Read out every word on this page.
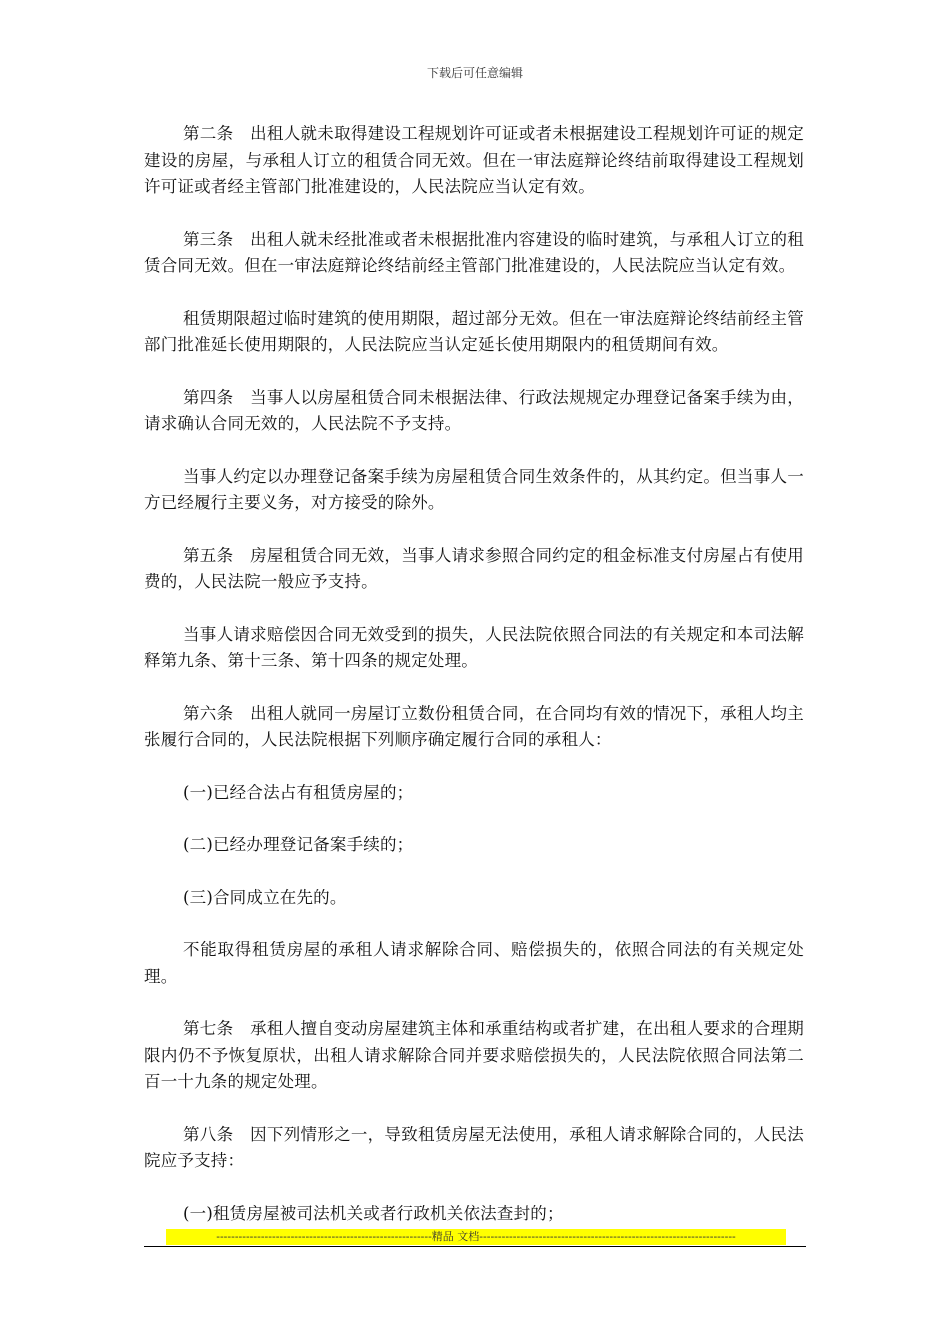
下载后可任意编辑

第二条　出租人就未取得建设工程规划许可证或者未根据建设工程规划许可证的规定建设的房屋，与承租人订立的租赁合同无效。但在一审法庭辩论终结前取得建设工程规划许可证或者经主管部门批准建设的，人民法院应当认定有效。

第三条　出租人就未经批准或者未根据批准内容建设的临时建筑，与承租人订立的租赁合同无效。但在一审法庭辩论终结前经主管部门批准建设的，人民法院应当认定有效。

租赁期限超过临时建筑的使用期限，超过部分无效。但在一审法庭辩论终结前经主管部门批准延长使用期限的，人民法院应当认定延长使用期限内的租赁期间有效。

第四条　当事人以房屋租赁合同未根据法律、行政法规规定办理登记备案手续为由，请求确认合同无效的，人民法院不予支持。

当事人约定以办理登记备案手续为房屋租赁合同生效条件的，从其约定。但当事人一方已经履行主要义务，对方接受的除外。

第五条　房屋租赁合同无效，当事人请求参照合同约定的租金标准支付房屋占有使用费的，人民法院一般应予支持。

当事人请求赔偿因合同无效受到的损失，人民法院依照合同法的有关规定和本司法解释第九条、第十三条、第十四条的规定处理。

第六条　出租人就同一房屋订立数份租赁合同，在合同均有效的情况下，承租人均主张履行合同的，人民法院根据下列顺序确定履行合同的承租人：

(一)已经合法占有租赁房屋的；

(二)已经办理登记备案手续的；

(三)合同成立在先的。

不能取得租赁房屋的承租人请求解除合同、赔偿损失的，依照合同法的有关规定处理。

第七条　承租人擅自变动房屋建筑主体和承重结构或者扩建，在出租人要求的合理期限内仍不予恢复原状，出租人请求解除合同并要求赔偿损失的，人民法院依照合同法第二百一十九条的规定处理。

第八条　因下列情形之一，导致租赁房屋无法使用，承租人请求解除合同的，人民法院应予支持：

(一)租赁房屋被司法机关或者行政机关依法查封的；

----------------------------------------------------------精品 文档---------------------------------------------------------------------
